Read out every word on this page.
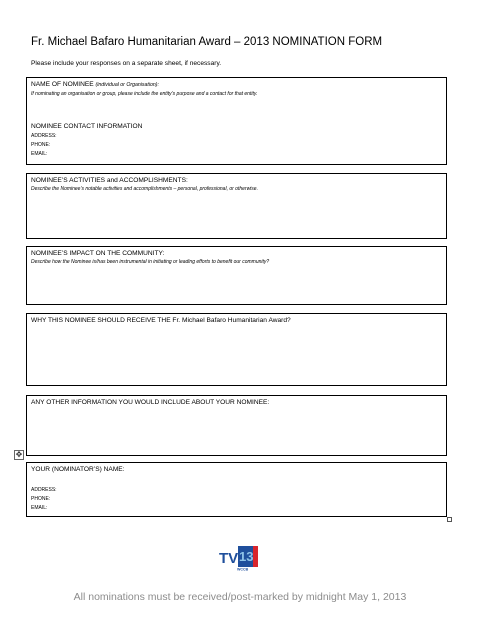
Fr. Michael Bafaro Humanitarian Award – 2013 NOMINATION FORM
Please include your responses on a separate sheet, if necessary.
NAME OF NOMINEE (individual or Organisation):
If nominating an organisation or group, please include the entity’s purpose and a contact for that entity.
NOMINEE CONTACT INFORMATION
ADDRESS:
PHONE:
EMAIL:
NOMINEE’S ACTIVITIES and ACCOMPLISHMENTS:
Describe the Nominee’s notable activities and accomplishments – personal, professional, or otherwise.
NOMINEE’S IMPACT ON THE COMMUNITY:
Describe how the Nominee is/has been instrumental in initiating or leading efforts to benefit our community?
WHY THIS NOMINEE SHOULD RECEIVE THE Fr. Michael Bafaro Humanitarian Award?
ANY OTHER INFORMATION YOU WOULD INCLUDE ABOUT YOUR NOMINEE:
YOUR (NOMINATOR’S) NAME:
ADDRESS:
PHONE:
EMAIL:
✥
TV 13
WCCB
All nominations must be received/post-marked by midnight May 1, 2013
